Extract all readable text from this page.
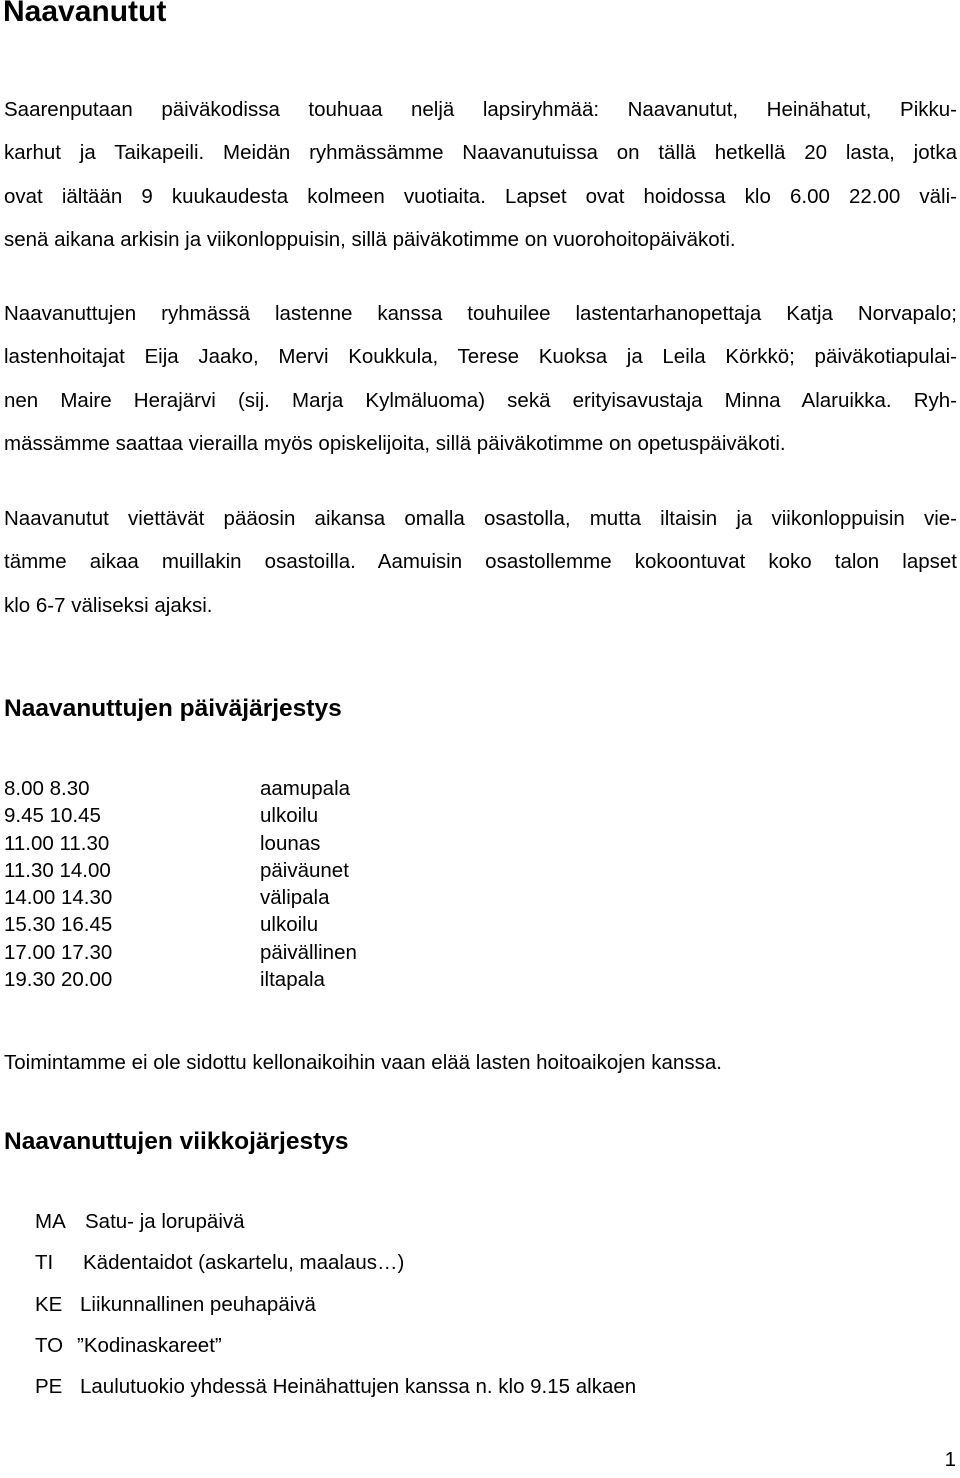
Naavanutut

Saarenputaan päiväkodissa touhuaa neljä lapsiryhmää: Naavanutut, Heinähatut, Pikku-
karhut ja Taikapeili. Meidän ryhmässämme Naavanutuissa on tällä hetkellä 20 lasta, jotka
ovat iältään 9 kuukaudesta kolmeen vuotiaita. Lapset ovat hoidossa klo 6.00 22.00 väli-
senä aikana arkisin ja viikonloppuisin, sillä päiväkotimme on vuorohoitopäiväkoti.

Naavanuttujen ryhmässä lastenne kanssa touhuilee lastentarhanopettaja Katja Norvapalo;
lastenhoitajat Eija Jaako, Mervi Koukkula, Terese Kuoksa ja Leila Körkkö; päiväkotiapulai-
nen Maire Herajärvi (sij. Marja Kylmäluoma) sekä erityisavustaja Minna Alaruikka. Ryh-
mässämme saattaa vierailla myös opiskelijoita, sillä päiväkotimme on opetuspäiväkoti.

Naavanutut viettävät pääosin aikansa omalla osastolla, mutta iltaisin ja viikonloppuisin vie-
tämme aikaa muillakin osastoilla. Aamuisin osastollemme kokoontuvat koko talon lapset
klo 6-7 väliseksi ajaksi.

Naavanuttujen päiväjärjestys
8.00 8.30	aamupala
9.45 10.45	ulkoilu
11.00 11.30	lounas
11.30 14.00	päiväunet
14.00 14.30	välipala
15.30 16.45	ulkoilu
17.00 17.30	päivällinen
19.30 20.00	iltapala

Toimintamme ei ole sidottu kellonaikoihin vaan elää lasten hoitoaikojen kanssa.

Naavanuttujen viikkojärjestys
MA Satu- ja lorupäivä
TI Kädentaidot (askartelu, maalaus…)
KE Liikunnallinen peuhapäivä
TO ”Kodinaskareet”
PE Laulutuokio yhdessä Heinähattujen kanssa n. klo 9.15 alkaen
1
